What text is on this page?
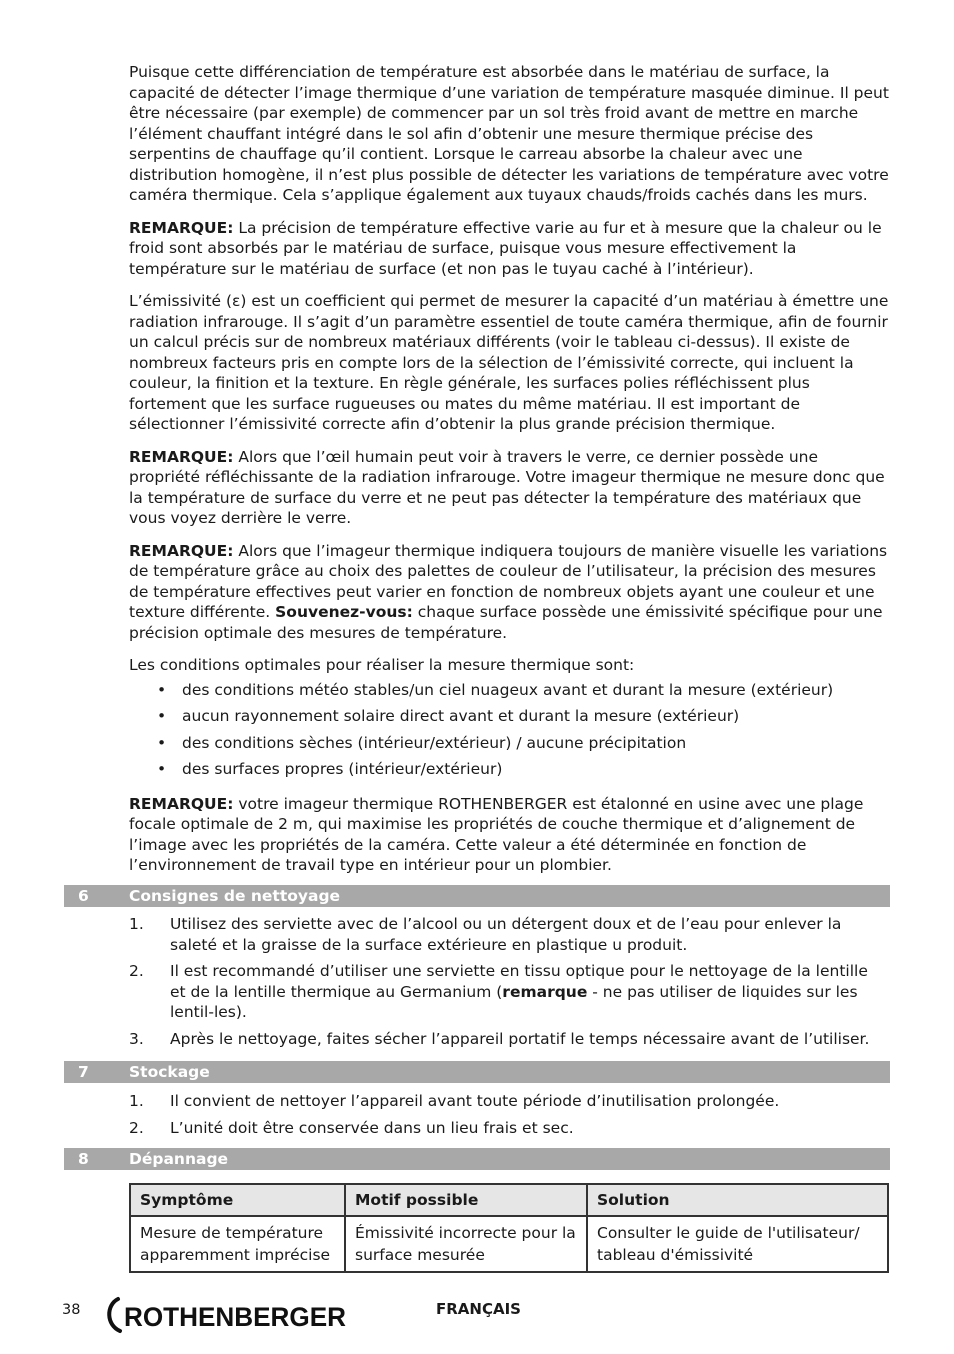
Puisque cette différenciation de température est absorbée dans le matériau de surface, la capacité de détecter l’image thermique d’une variation de température masquée diminue. Il peut être nécessaire (par exemple) de commencer par un sol très froid avant de mettre en marche l’élément chauffant intégré dans le sol afin d’obtenir une mesure thermique précise des serpentins de chauffage qu’il contient. Lorsque le carreau absorbe la chaleur avec une distribution homogène, il n’est plus possible de détecter les variations de température avec votre caméra thermique. Cela s’applique également aux tuyaux chauds/froids cachés dans les murs.

REMARQUE: La précision de température effective varie au fur et à mesure que la chaleur ou le froid sont absorbés par le matériau de surface, puisque vous mesure effectivement la température sur le matériau de surface (et non pas le tuyau caché à l’intérieur).

L’émissivité (ε) est un coefficient qui permet de mesurer la capacité d’un matériau à émettre une radiation infrarouge. Il s’agit d’un paramètre essentiel de toute caméra thermique, afin de fournir un calcul précis sur de nombreux matériaux différents (voir le tableau ci-dessus). Il existe de nombreux facteurs pris en compte lors de la sélection de l’émissivité correcte, qui incluent la couleur, la finition et la texture. En règle générale, les surfaces polies réfléchissent plus fortement que les surface rugueuses ou mates du même matériau. Il est important de sélectionner l’émissivité correcte afin d’obtenir la plus grande précision thermique.

REMARQUE: Alors que l’œil humain peut voir à travers le verre, ce dernier possède une propriété réfléchissante de la radiation infrarouge. Votre imageur thermique ne mesure donc que la température de surface du verre et ne peut pas détecter la température des matériaux que vous voyez derrière le verre.

REMARQUE: Alors que l’imageur thermique indiquera toujours de manière visuelle les variations de température grâce au choix des palettes de couleur de l’utilisateur, la précision des mesures de température effectives peut varier en fonction de nombreux objets ayant une couleur et une texture différente. Souvenez-vous: chaque surface possède une émissivité spécifique pour une précision optimale des mesures de température.

Les conditions optimales pour réaliser la mesure thermique sont:

• des conditions météo stables/un ciel nuageux avant et durant la mesure (extérieur)
• aucun rayonnement solaire direct avant et durant la mesure (extérieur)
• des conditions sèches (intérieur/extérieur) / aucune précipitation
• des surfaces propres (intérieur/extérieur)

REMARQUE: votre imageur thermique ROTHENBERGER est étalonné en usine avec une plage focale optimale de 2 m, qui maximise les propriétés de couche thermique et d’alignement de l’image avec les propriétés de la caméra. Cette valeur a été déterminée en fonction de l’environnement de travail type en intérieur pour un plombier.

6	Consignes de nettoyage
1. Utilisez des serviette avec de l’alcool ou un détergent doux et de l’eau pour enlever la saleté et la graisse de la surface extérieure en plastique u produit.
2. Il est recommandé d’utiliser une serviette en tissu optique pour le nettoyage de la lentille et de la lentille thermique au Germanium (remarque - ne pas utiliser de liquides sur les lentil-les).
3. Après le nettoyage, faites sécher l’appareil portatif le temps nécessaire avant de l’utiliser.
7	Stockage
1. Il convient de nettoyer l’appareil avant toute période d’inutilisation prolongée.
2. L’unité doit être conservée dans un lieu frais et sec.
8	Dépannage
Symptôme	Motif possible	Solution
Mesure de température apparemment imprécise	Émissivité incorrecte pour la surface mesurée	Consulter le guide de l'utilisateur/ tableau d'émissivité
38 ROTHENBERGER	FRANÇAIS
